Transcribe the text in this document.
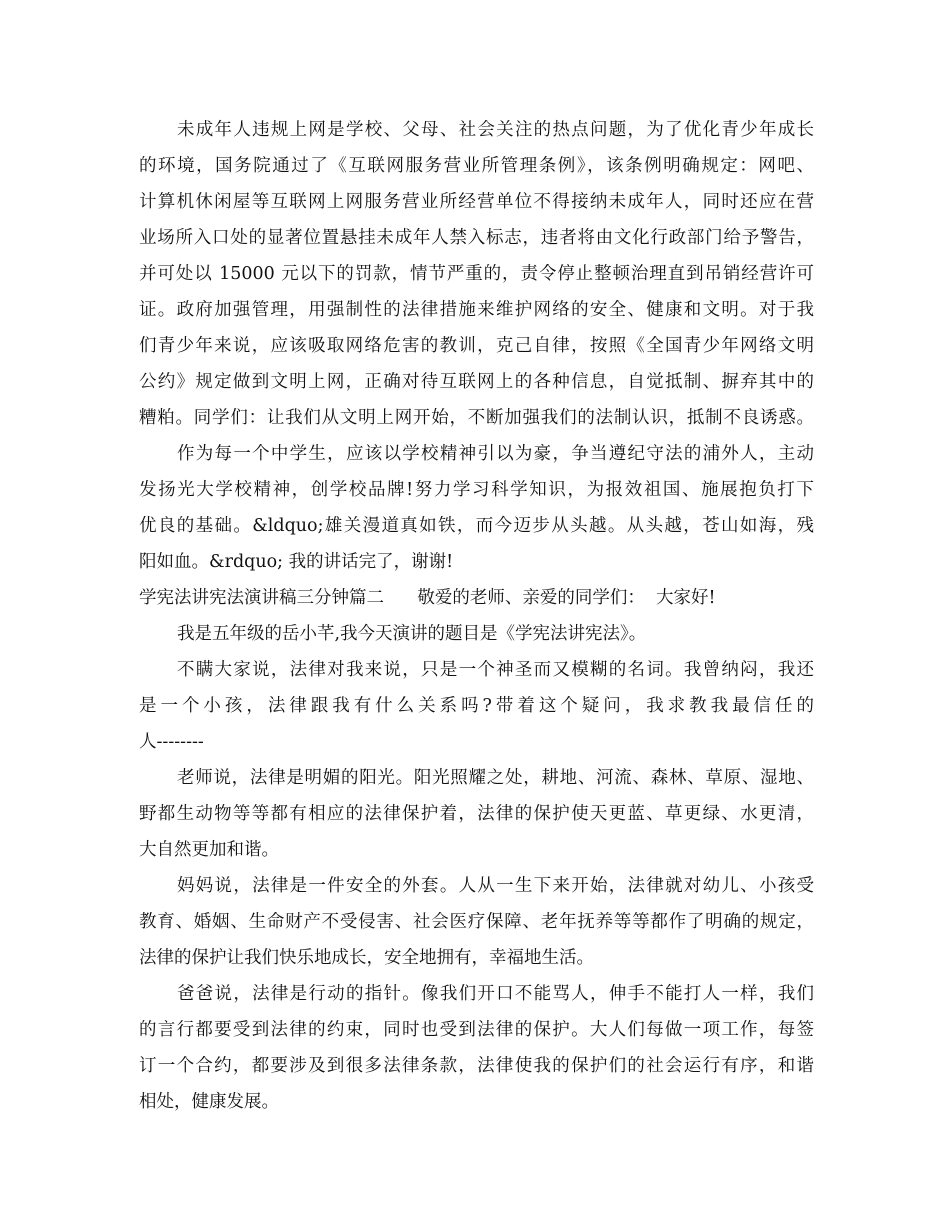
未成年人违规上网是学校、父母、社会关注的热点问题，为了优化青少年成长

的环境，国务院通过了《互联网服务营业所管理条例》，该条例明确规定：网吧、

计算机休闲屋等互联网上网服务营业所经营单位不得接纳未成年人，同时还应在营

业场所入口处的显著位置悬挂未成年人禁入标志，违者将由文化行政部门给予警告，

并可处以 15000 元以下的罚款，情节严重的，责令停止整顿治理直到吊销经营许可

证。政府加强管理，用强制性的法律措施来维护网络的安全、健康和文明。对于我

们青少年来说，应该吸取网络危害的教训，克己自律，按照《全国青少年网络文明

公约》规定做到文明上网，正确对待互联网上的各种信息，自觉抵制、摒弃其中的

糟粕。同学们：让我们从文明上网开始，不断加强我们的法制认识，抵制不良诱惑。

作为每一个中学生，应该以学校精神引以为豪，争当遵纪守法的浦外人，主动

发扬光大学校精神，创学校品牌!努力学习科学知识，为报效祖国、施展抱负打下

优良的基础。&ldquo;雄关漫道真如铁，而今迈步从头越。从头越，苍山如海，残

阳如血。&rdquo; 我的讲话完了，谢谢!

学宪法讲宪法演讲稿三分钟篇二      敬爱的老师、亲爱的同学们：  大家好!

我是五年级的岳小芊,我今天演讲的题目是《学宪法讲宪法》。

不瞒大家说，法律对我来说，只是一个神圣而又模糊的名词。我曾纳闷，我还

是一个小孩，法律跟我有什么关系吗?带着这个疑问，我求教我最信任的

人--------

老师说，法律是明媚的阳光。阳光照耀之处，耕地、河流、森林、草原、湿地、

野都生动物等等都有相应的法律保护着，法律的保护使天更蓝、草更绿、水更清，

大自然更加和谐。

妈妈说，法律是一件安全的外套。人从一生下来开始，法律就对幼儿、小孩受

教育、婚姻、生命财产不受侵害、社会医疗保障、老年抚养等等都作了明确的规定，

法律的保护让我们快乐地成长，安全地拥有，幸福地生活。

爸爸说，法律是行动的指针。像我们开口不能骂人，伸手不能打人一样，我们

的言行都要受到法律的约束，同时也受到法律的保护。大人们每做一项工作，每签

订一个合约，都要涉及到很多法律条款，法律使我的保护们的社会运行有序，和谐

相处，健康发展。
